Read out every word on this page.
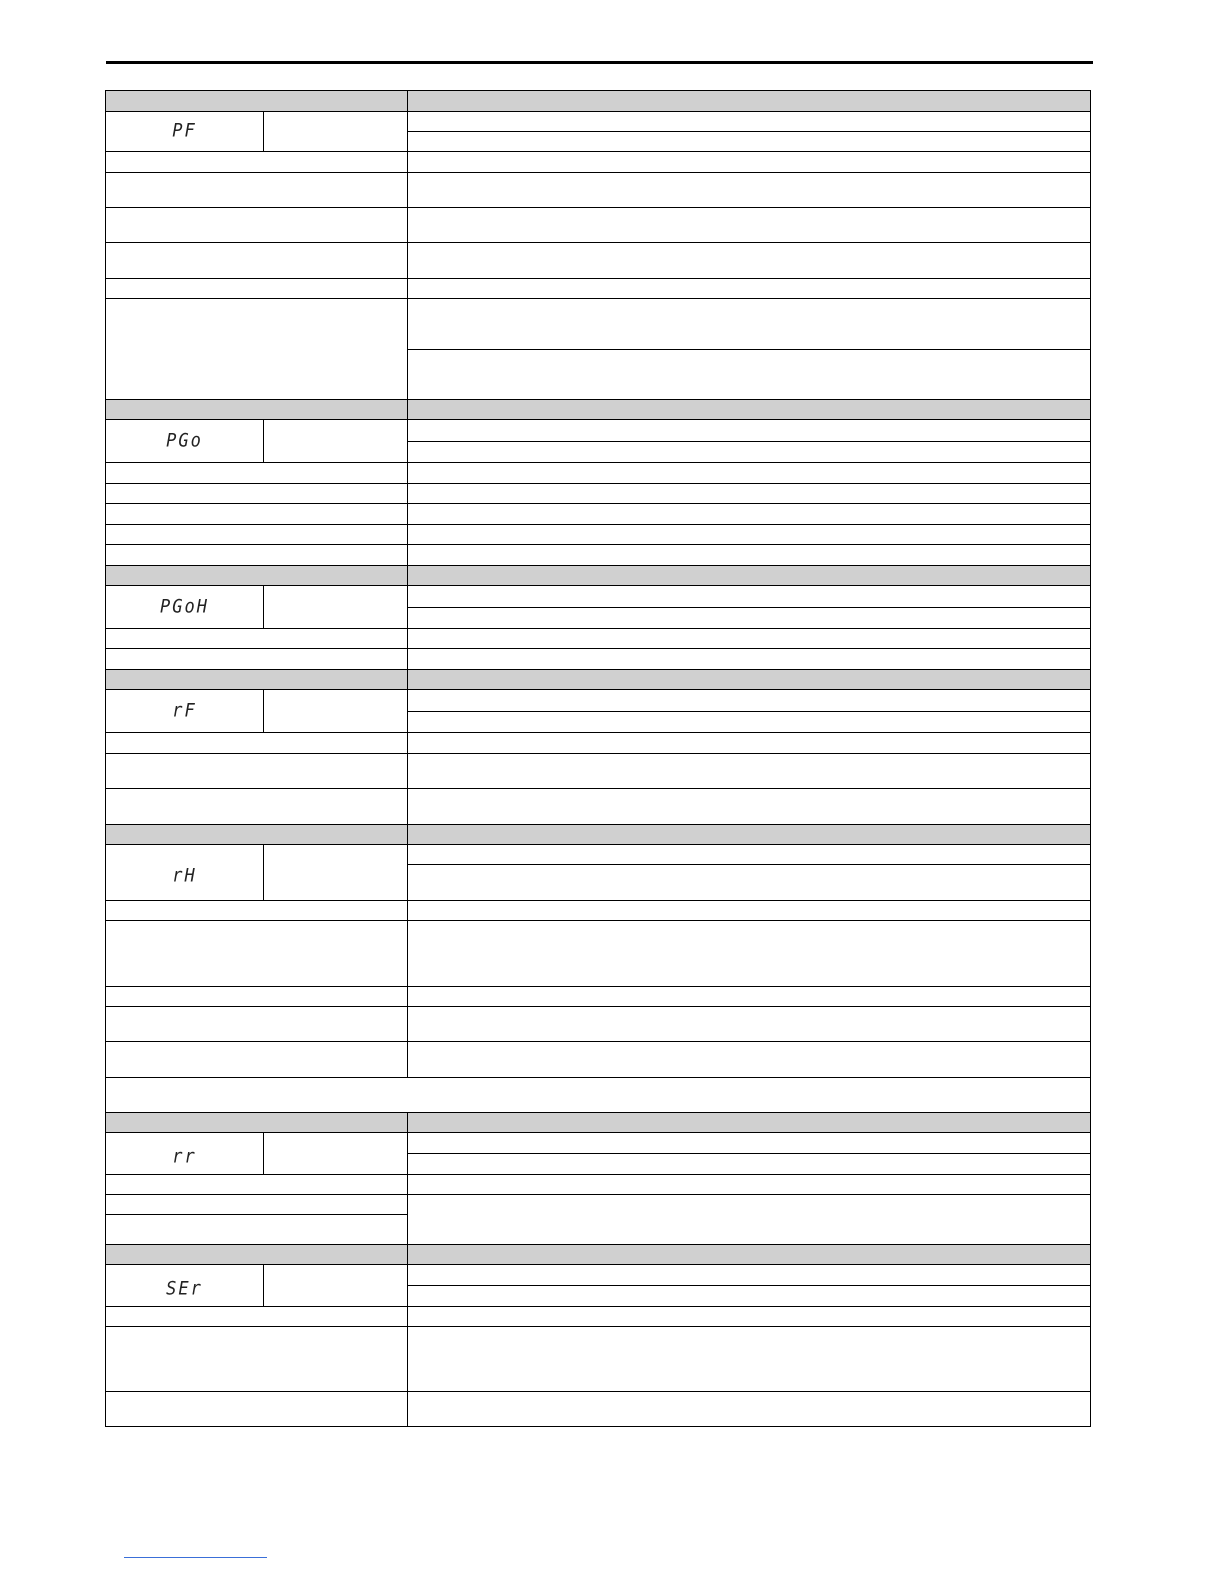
PF
PGo
PGoH
rF
rH
rr
SEr
